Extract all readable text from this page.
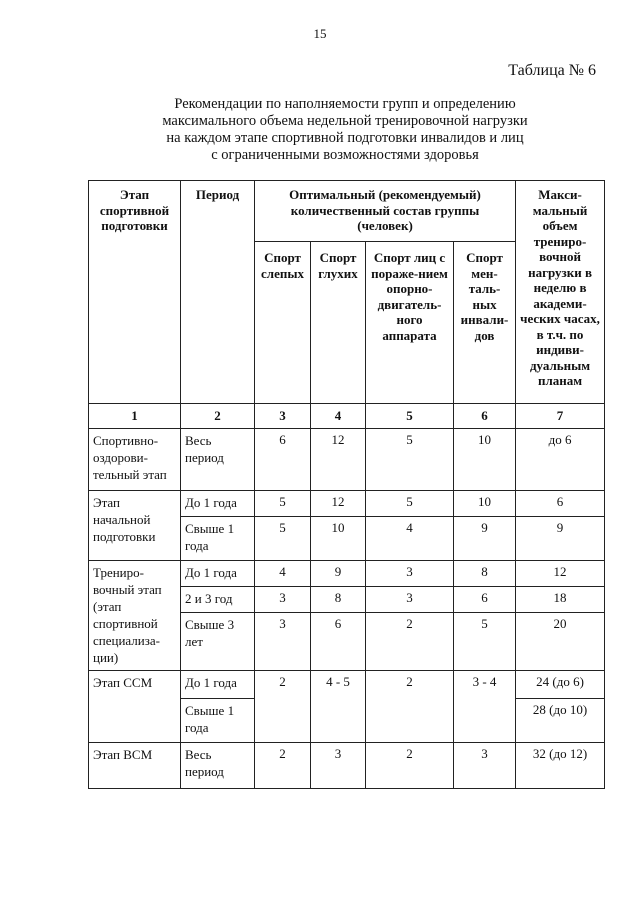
15
Таблица № 6
Рекомендации по наполняемости групп и определению
максимального объема недельной тренировочной нагрузки
на каждом этапе спортивной подготовки инвалидов и лиц
с ограниченными возможностями здоровья
Этап спортивной подготовки	Период	Оптимальный (рекомендуемый) количественный состав группы (человек)				Макси-мальный объем трениро-вочной нагрузки в неделю в академи-ческих часах, в т.ч. по индиви-дуальным планам
		Спорт слепых	Спорт глухих	Спорт лиц с пораже-нием опорно-двигатель-ного аппарата	Спорт мен-таль-ных инвали-дов	
1	2	3	4	5	6	7
Спортивно-оздорови-тельный этап	Весь период	6	12	5	10	до 6
Этап начальной подготовки	До 1 года	5	12	5	10	6
	Свыше 1 года	5	10	4	9	9
Трениро-вочный этап (этап спортивной специализа-ции)	До 1 года	4	9	3	8	12
	2 и 3 год	3	8	3	6	18
	Свыше 3 лет	3	6	2	5	20
Этап ССМ	До 1 года	2	4 - 5	2	3 - 4	24 (до 6)
	Свыше 1 года					28 (до 10)
Этап ВСМ	Весь период	2	3	2	3	32 (до 12)
